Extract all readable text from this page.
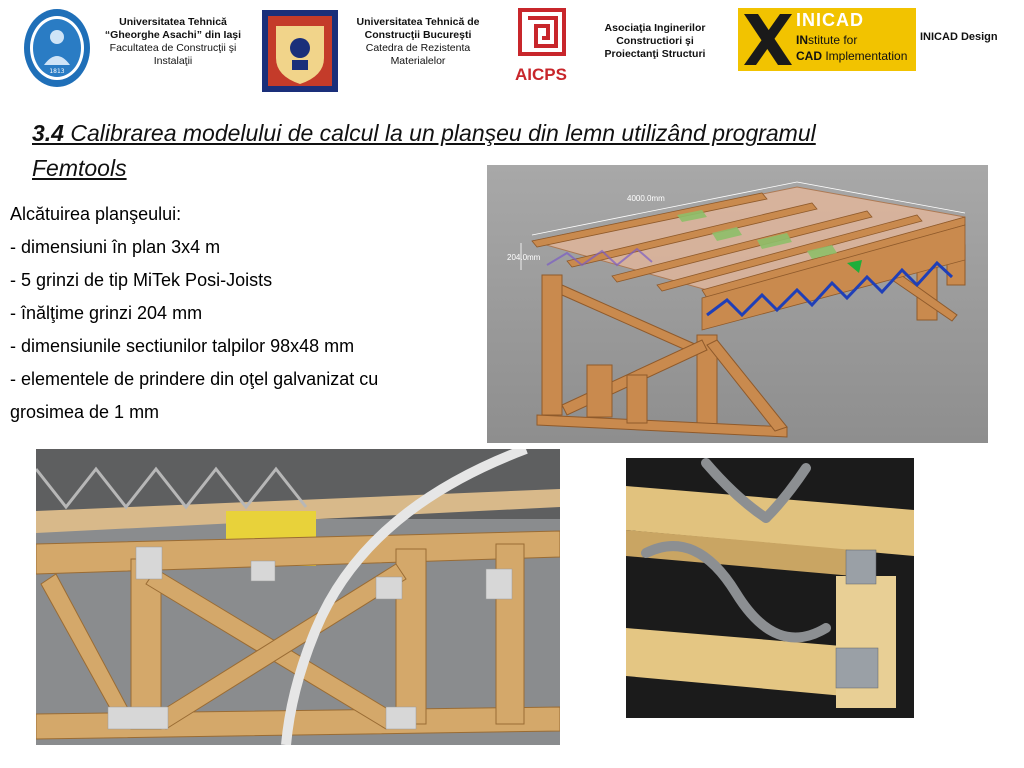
1813
Universitatea Tehnică
“Gheorghe Asachi” din Iaşi
Facultatea de Construcţii şi
Instalaţii
Universitatea Tehnică de
Construcţii Bucureşti
Catedra de Rezistenta
Materialelor
AICPS
Asociaţia Inginerilor
Constructiori şi
Proiectanţi Structuri
INICAD
INstitute for
CAD Implementation
INICAD Design
3.4 Calibrarea modelului de calcul la un planşeu din lemn utilizând programul Femtools
Alcătuirea planşeului:
- dimensiuni în plan 3x4 m
- 5 grinzi de tip MiTek Posi-Joists
- înălţime grinzi 204 mm
- dimensiunile sectiunilor talpilor 98x48 mm
- elementele de prindere din oţel galvanizat cu
grosimea de 1 mm
4000.0mm
204.0mm
